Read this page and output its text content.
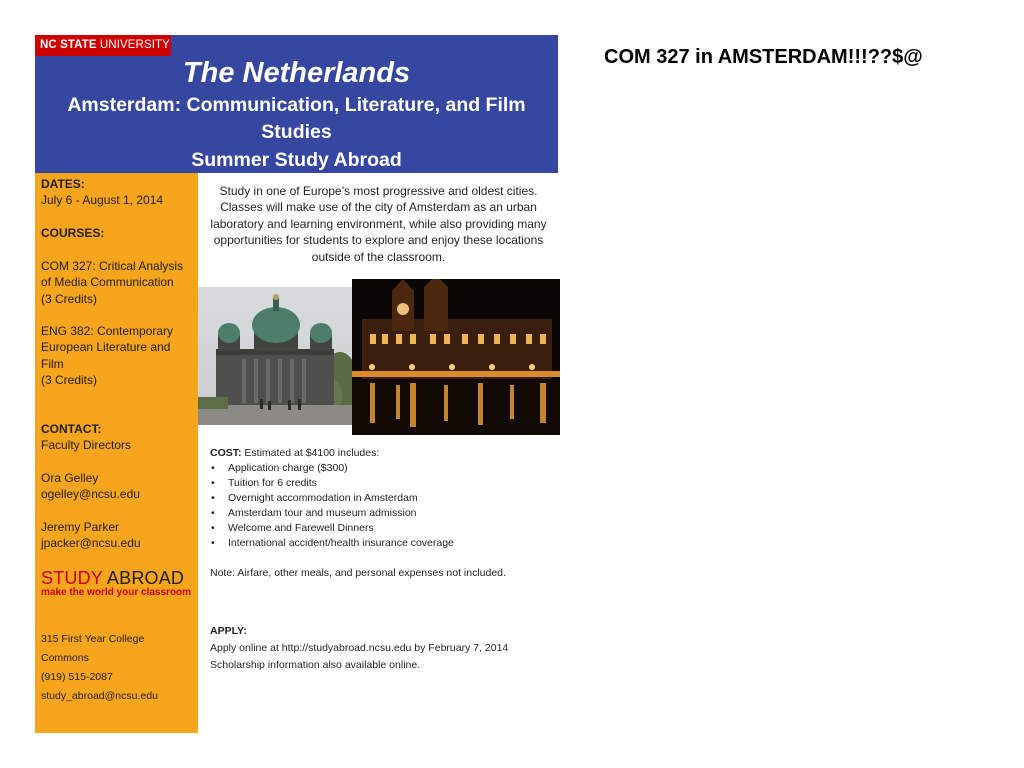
NC STATE UNIVERSITY
The Netherlands
Amsterdam: Communication, Literature, and Film Studies
Summer Study Abroad
COM 327 in AMSTERDAM!!!??$@
DATES:
July 6 - August 1, 2014
COURSES:
COM 327: Critical Analysis of Media Communication
(3 Credits)
ENG 382: Contemporary European Literature and Film
(3 Credits)
CONTACT:
Faculty Directors
Ora Gelley
ogelley@ncsu.edu
Jeremy Parker
jpacker@ncsu.edu
STUDY ABROAD
make the world your classroom
315 First Year College
Commons
(919) 515-2087
study_abroad@ncsu.edu
Study in one of Europe’s most progressive and oldest cities. Classes will make use of the city of Amsterdam as an urban laboratory and learning environment, while also providing many opportunities for students to explore and enjoy these locations outside of the classroom.
COST: Estimated at $4100 includes:
• Application charge ($300)
• Tuition for 6 credits
• Overnight accommodation in Amsterdam
• Amsterdam tour and museum admission
• Welcome and Farewell Dinners
• International accident/health insurance coverage
Note: Airfare, other meals, and personal expenses not included.
APPLY:
Apply online at http://studyabroad.ncsu.edu by February 7, 2014
Scholarship information also available online.
